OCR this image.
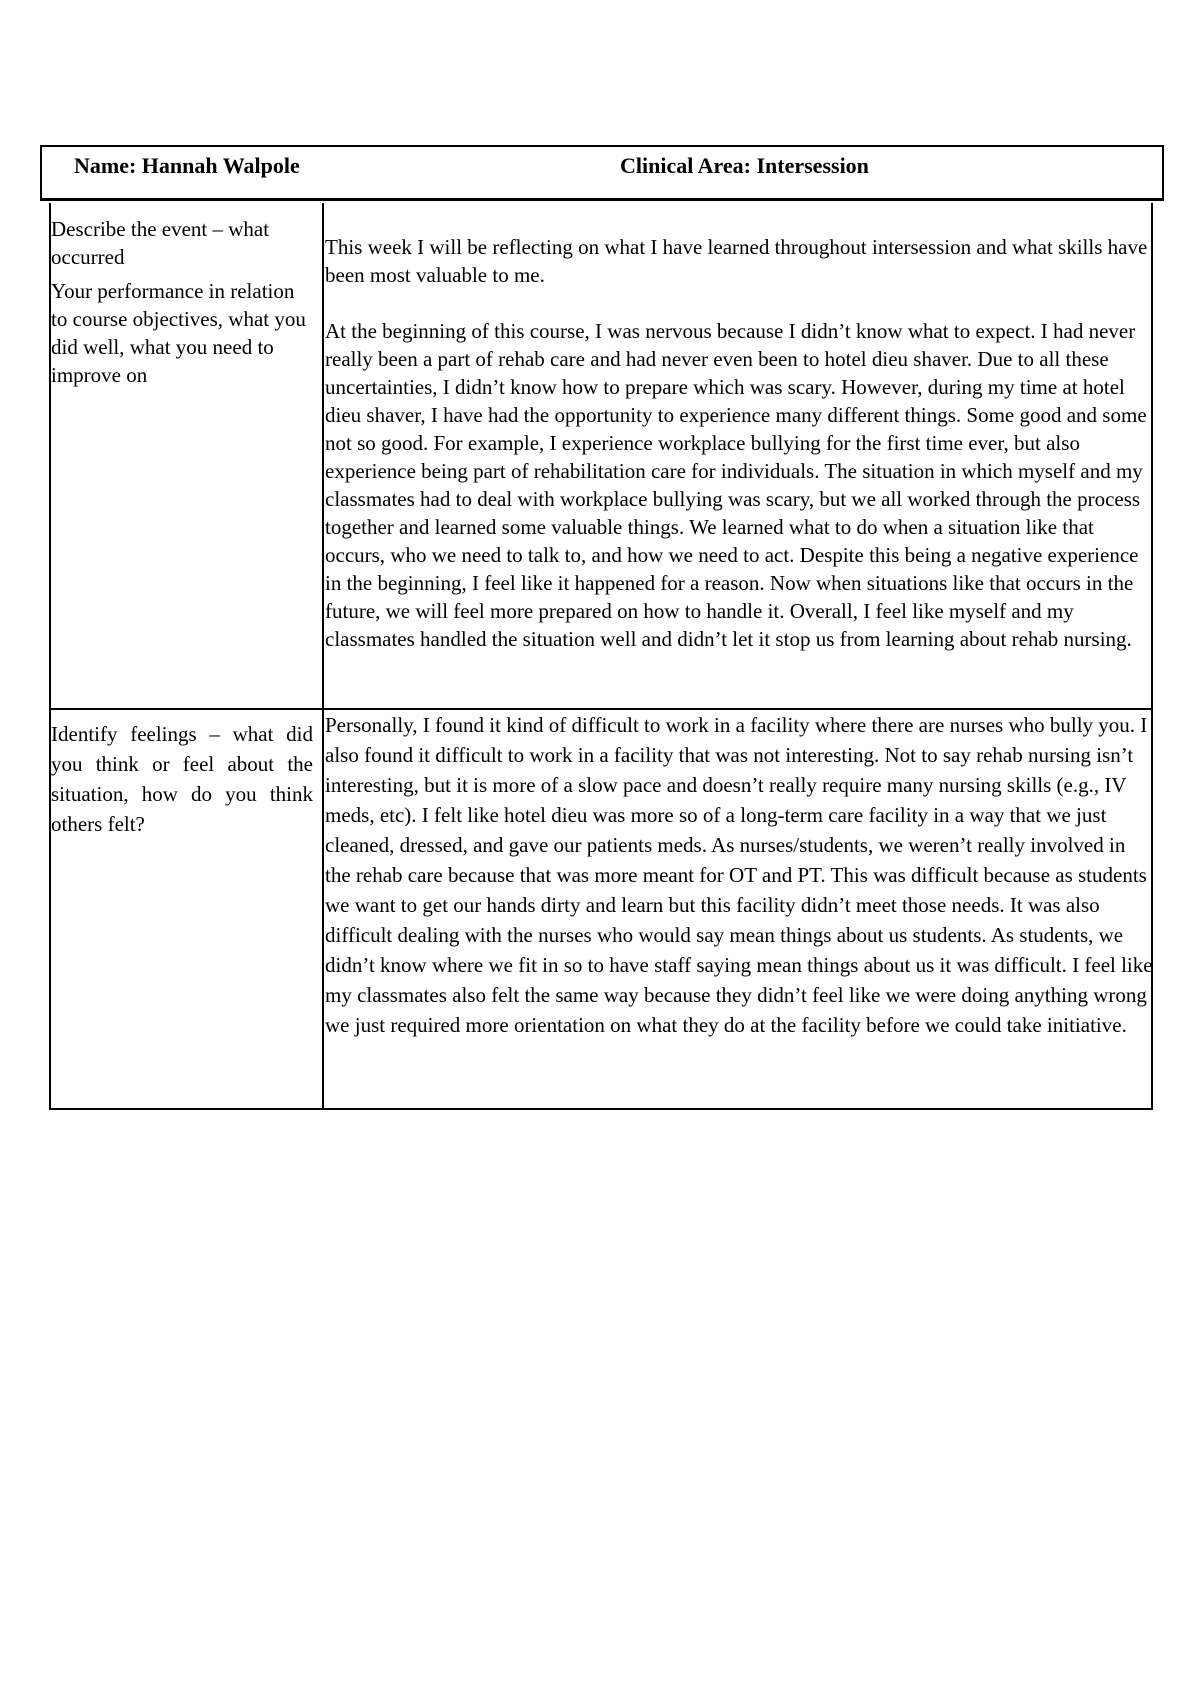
Name: Hannah Walpole	Clinical Area: Intersession

Describe the event – what occurred

Your performance in relation to course objectives, what you did well, what you need to improve on

This week I will be reflecting on what I have learned throughout intersession and what skills have been most valuable to me.

At the beginning of this course, I was nervous because I didn’t know what to expect. I had never really been a part of rehab care and had never even been to hotel dieu shaver. Due to all these uncertainties, I didn’t know how to prepare which was scary. However, during my time at hotel dieu shaver, I have had the opportunity to experience many different things. Some good and some not so good. For example, I experience workplace bullying for the first time ever, but also experience being part of rehabilitation care for individuals. The situation in which myself and my classmates had to deal with workplace bullying was scary, but we all worked through the process together and learned some valuable things. We learned what to do when a situation like that occurs, who we need to talk to, and how we need to act. Despite this being a negative experience in the beginning, I feel like it happened for a reason. Now when situations like that occurs in the future, we will feel more prepared on how to handle it. Overall, I feel like myself and my classmates handled the situation well and didn’t let it stop us from learning about rehab nursing.

Identify feelings – what did you think or feel about the situation, how do you think others felt?
Personally, I found it kind of difficult to work in a facility where there are nurses who bully you. I also found it difficult to work in a facility that was not interesting. Not to say rehab nursing isn’t interesting, but it is more of a slow pace and doesn’t really require many nursing skills (e.g., IV meds, etc). I felt like hotel dieu was more so of a long-term care facility in a way that we just cleaned, dressed, and gave our patients meds. As nurses/students, we weren’t really involved in the rehab care because that was more meant for OT and PT. This was difficult because as students we want to get our hands dirty and learn but this facility didn’t meet those needs. It was also difficult dealing with the nurses who would say mean things about us students. As students, we didn’t know where we fit in so to have staff saying mean things about us it was difficult. I feel like my classmates also felt the same way because they didn’t feel like we were doing anything wrong we just required more orientation on what they do at the facility before we could take initiative.
